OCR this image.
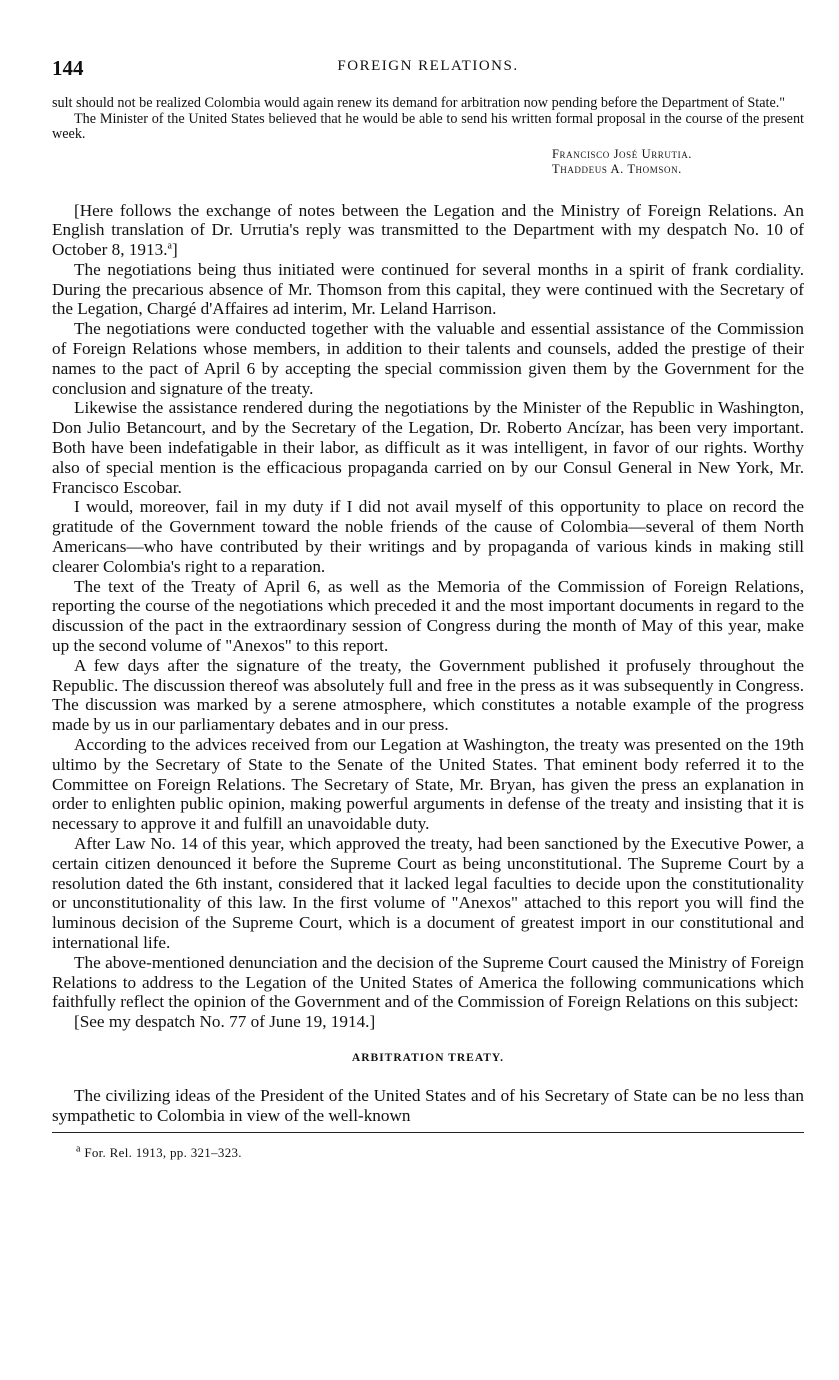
144	FOREIGN RELATIONS.

sult should not be realized Colombia would again renew its demand for arbitration now pending before the Department of State."

The Minister of the United States believed that he would be able to send his written formal proposal in the course of the present week.

Francisco José Urrutia.
Thaddeus A. Thomson.

[Here follows the exchange of notes between the Legation and the Ministry of Foreign Relations. An English translation of Dr. Urrutia's reply was transmitted to the Department with my despatch No. 10 of October 8, 1913.$^a$]

The negotiations being thus initiated were continued for several months in a spirit of frank cordiality. During the precarious absence of Mr. Thomson from this capital, they were continued with the Secretary of the Legation, Chargé d'Affaires ad interim, Mr. Leland Harrison.

The negotiations were conducted together with the valuable and essential assistance of the Commission of Foreign Relations whose members, in addition to their talents and counsels, added the prestige of their names to the pact of April 6 by accepting the special commission given them by the Government for the conclusion and signature of the treaty.

Likewise the assistance rendered during the negotiations by the Minister of the Republic in Washington, Don Julio Betancourt, and by the Secretary of the Legation, Dr. Roberto Ancízar, has been very important. Both have been indefatigable in their labor, as difficult as it was intelligent, in favor of our rights. Worthy also of special mention is the efficacious propaganda carried on by our Consul General in New York, Mr. Francisco Escobar.

I would, moreover, fail in my duty if I did not avail myself of this opportunity to place on record the gratitude of the Government toward the noble friends of the cause of Colombia—several of them North Americans—who have contributed by their writings and by propaganda of various kinds in making still clearer Colombia's right to a reparation.

The text of the Treaty of April 6, as well as the Memoria of the Commission of Foreign Relations, reporting the course of the negotiations which preceded it and the most important documents in regard to the discussion of the pact in the extraordinary session of Congress during the month of May of this year, make up the second volume of "Anexos" to this report.

A few days after the signature of the treaty, the Government published it profusely throughout the Republic. The discussion thereof was absolutely full and free in the press as it was subsequently in Congress. The discussion was marked by a serene atmosphere, which constitutes a notable example of the progress made by us in our parliamentary debates and in our press.

According to the advices received from our Legation at Washington, the treaty was presented on the 19th ultimo by the Secretary of State to the Senate of the United States. That eminent body referred it to the Committee on Foreign Relations. The Secretary of State, Mr. Bryan, has given the press an explanation in order to enlighten public opinion, making powerful arguments in defense of the treaty and insisting that it is necessary to approve it and fulfill an unavoidable duty.

After Law No. 14 of this year, which approved the treaty, had been sanctioned by the Executive Power, a certain citizen denounced it before the Supreme Court as being unconstitutional. The Supreme Court by a resolution dated the 6th instant, considered that it lacked legal faculties to decide upon the constitutionality or unconstitutionality of this law. In the first volume of "Anexos" attached to this report you will find the luminous decision of the Supreme Court, which is a document of greatest import in our constitutional and international life.

The above-mentioned denunciation and the decision of the Supreme Court caused the Ministry of Foreign Relations to address to the Legation of the United States of America the following communications which faithfully reflect the opinion of the Government and of the Commission of Foreign Relations on this subject:

[See my despatch No. 77 of June 19, 1914.]

ARBITRATION TREATY.

The civilizing ideas of the President of the United States and of his Secretary of State can be no less than sympathetic to Colombia in view of the well-known

$^a$ For. Rel. 1913, pp. 321–323.
